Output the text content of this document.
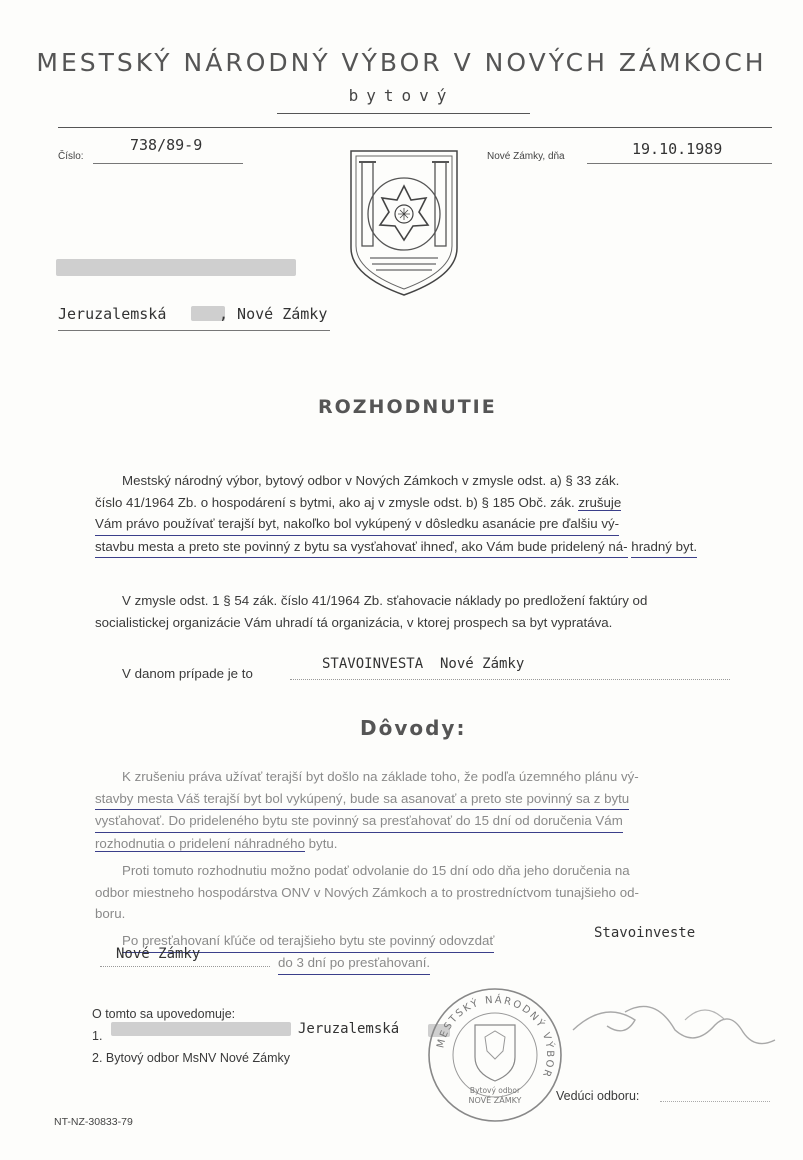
MESTSKÝ NÁRODNÝ VÝBOR V NOVÝCH ZÁMKOCH
bytový
Číslo:
738/89-9
Nové Zámky, dňa	19.10.1989
Jeruzalemská	, Nové Zámky
ROZHODNUTIE
Mestský národný výbor, bytový odbor v Nových Zámkoch v zmysle odst. a) § 33 zák.
číslo 41/1964 Zb. o hospodárení s bytmi, ako aj v zmysle odst. b) § 185 Obč. zák. zrušuje
Vám právo používať terajší byt, nakoľko bol vykúpený v dôsledku asanácie pre ďalšiu vý- stavbu mesta a preto ste povinný z bytu sa vysťahovať ihneď, ako Vám bude pridelený ná- hradný byt.
V zmysle odst. 1 § 54 zák. číslo 41/1964 Zb. sťahovacie náklady po predložení faktúry od
socialistickej organizácie Vám uhradí tá organizácia, v ktorej prospech sa byt vypratáva.
V danom prípade je to
STAVOINVESTA  Nové Zámky
Dôvody:
K zrušeniu práva užívať terajší byt došlo na základe toho, že podľa územného plánu vý-
stavby mesta Váš terajší byt bol vykúpený, bude sa asanovať a preto ste povinný sa z bytu vysťahovať. Do prideleného bytu ste povinný sa presťahovať do 15 dní od doručenia Vám
rozhodnutia o pridelení náhradného bytu.
Proti tomuto rozhodnutiu možno podať odvolanie do 15 dní odo dňa jeho doručenia na
odbor miestneho hospodárstva ONV v Nových Zámkoch a to prostredníctvom tunajšieho od-
boru.
Po presťahovaní kľúče od terajšieho bytu ste povinný odovzdať	Stavoinveste
Nové Zámky
do 3 dní po presťahovaní.
O tomto sa upovedomuje:
1.	Jeruzalemská
2. Bytový odbor MsNV Nové Zámky
MESTSKÝ NÁRODNÝ VÝBOR
Bytový odbor
NOVÉ ZÁMKY	Vedúci odboru:
NT-NZ-30833-79
